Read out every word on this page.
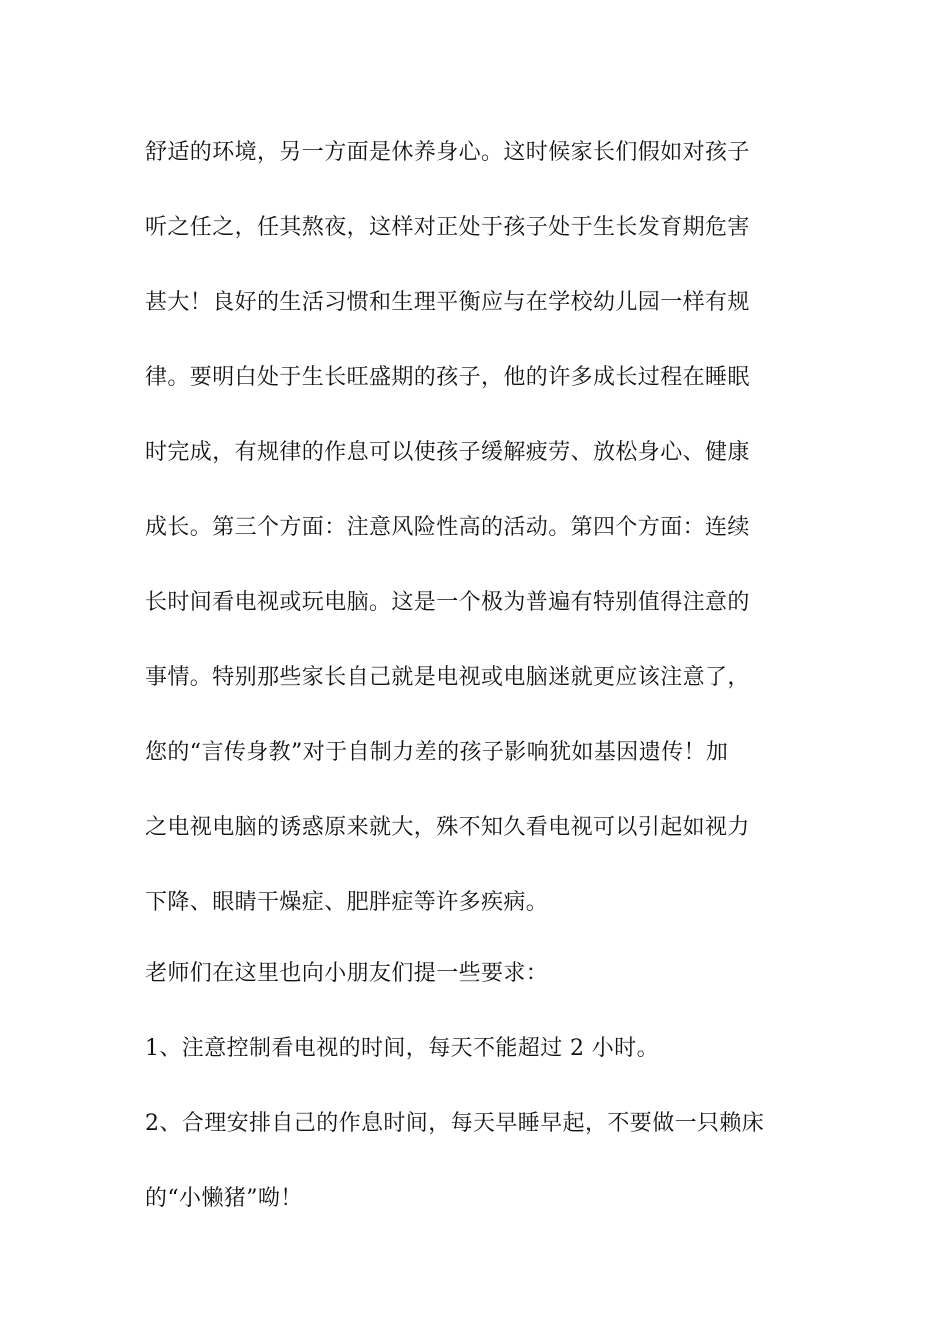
舒适的环境，另一方面是休养身心。这时候家长们假如对孩子
听之任之，任其熬夜，这样对正处于孩子处于生长发育期危害
甚大！良好的生活习惯和生理平衡应与在学校幼儿园一样有规
律。要明白处于生长旺盛期的孩子，他的许多成长过程在睡眠
时完成，有规律的作息可以使孩子缓解疲劳、放松身心、健康
成长。第三个方面：注意风险性高的活动。第四个方面：连续
长时间看电视或玩电脑。这是一个极为普遍有特别值得注意的
事情。特别那些家长自己就是电视或电脑迷就更应该注意了，
您的“言传身教”对于自制力差的孩子影响犹如基因遗传！加
之电视电脑的诱惑原来就大，殊不知久看电视可以引起如视力
下降、眼睛干燥症、肥胖症等许多疾病。
老师们在这里也向小朋友们提一些要求：
1、注意控制看电视的时间，每天不能超过 2 小时。
2、合理安排自己的作息时间，每天早睡早起，不要做一只赖床
的“小懒猪”呦！
